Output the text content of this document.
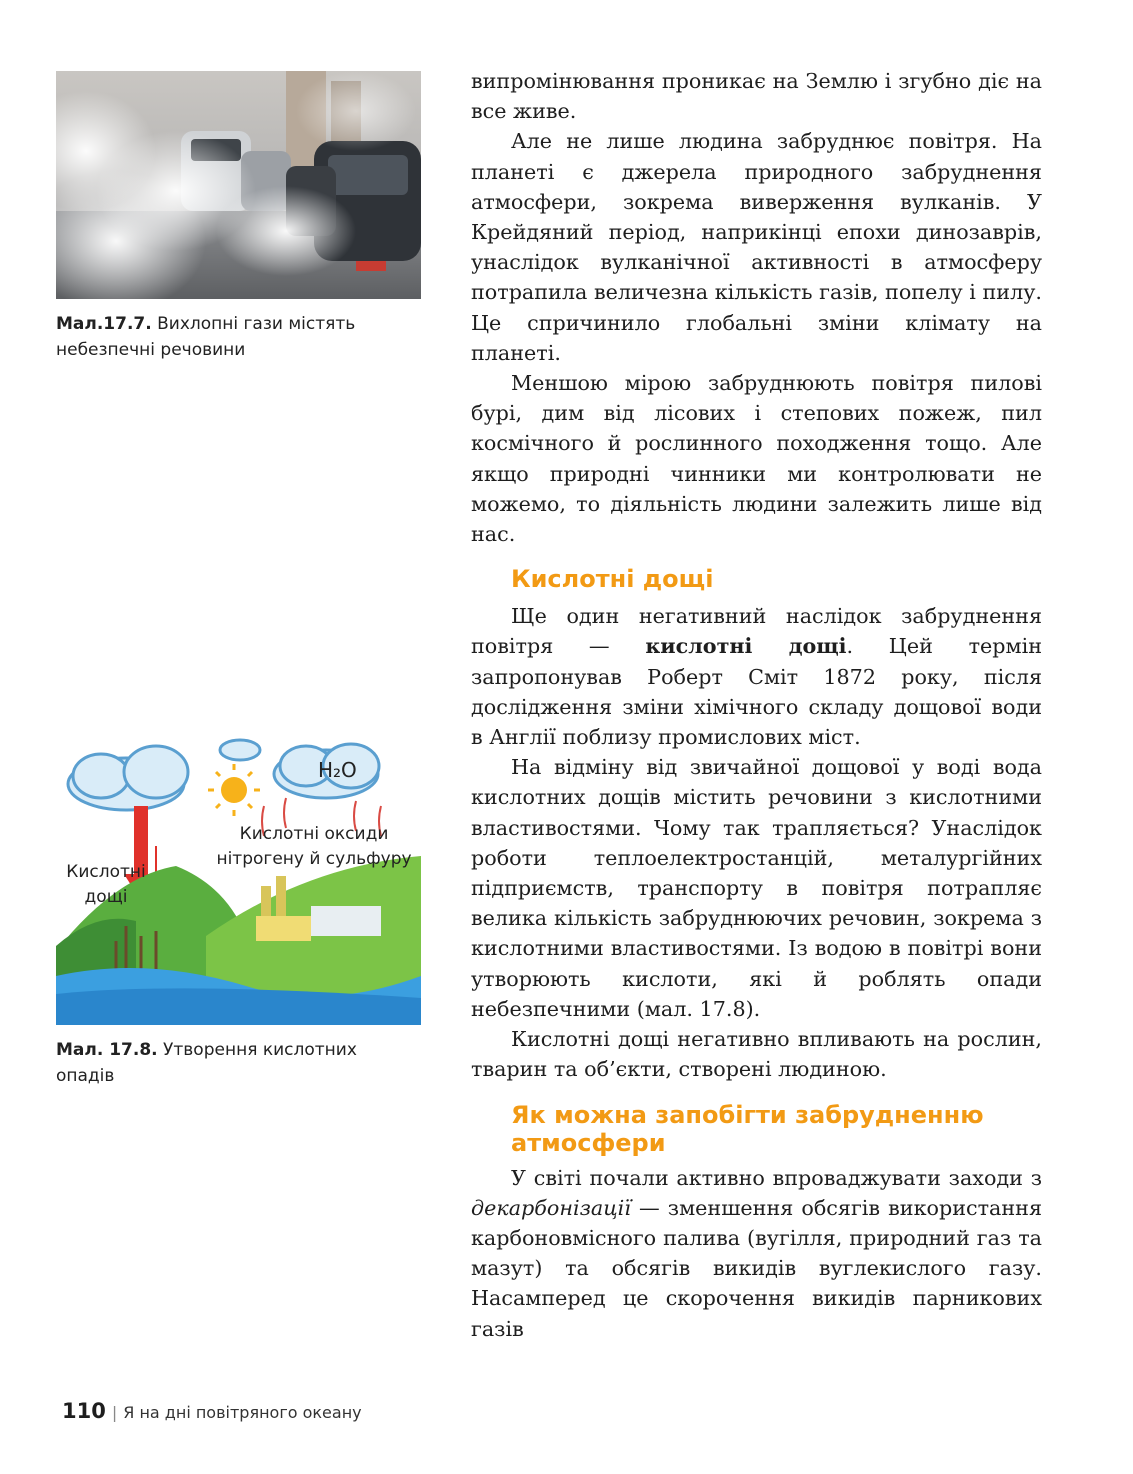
Мал.17.7. Вихлопні гази містять
небезпечні речовини
H₂O
Кислотні оксиди
нітрогену й сульфуру
Кислотні
дощі
Мал. 17.8. Утворення кислотних
опадів

випромінювання проникає на Землю і згубно діє на все живе.

Але не лише людина забруднює повітря. На планеті є джерела природного забруднення атмосфери, зокрема виверження вулканів. У Крейдяний період, наприкінці епохи динозаврів, унаслідок вулканічної активності в атмосферу потрапила величезна кількість газів, попелу і пилу. Це спричинило глобальні зміни клімату на планеті.

Меншою мірою забруднюють повітря пилові бурі, дим від лісових і степових пожеж, пил космічного й рослинного походження тощо. Але якщо природні чинники ми контролювати не можемо, то діяльність людини залежить лише від нас.

Кислотні дощі

Ще один негативний наслідок забруднення повітря — кислотні дощі. Цей термін запропонував Роберт Сміт 1872 року, після дослідження зміни хімічного складу дощової води в Англії поблизу промислових міст.

На відміну від звичайної дощової у воді вода кислотних дощів містить речовини з кислотними властивостями. Чому так трапляється? Унаслідок роботи теплоелектростанцій, металургійних підприємств, транспорту в повітря потрапляє велика кількість забруднюючих речовин, зокрема з кислотними властивостями. Із водою в повітрі вони утворюють кислоти, які й роблять опади небезпечними (мал. 17.8).

Кислотні дощі негативно впливають на рослин, тварин та об’єкти, створені людиною.

Як можна запобігти забрудненню
атмосфери

У світі почали активно впроваджувати заходи з декарбонізації — зменшення обсягів використання карбоновмісного палива (вугілля, природний газ та мазут) та обсягів викидів вуглекислого газу. Насамперед це скорочення викидів парникових газів

110 | Я на дні повітряного океану
